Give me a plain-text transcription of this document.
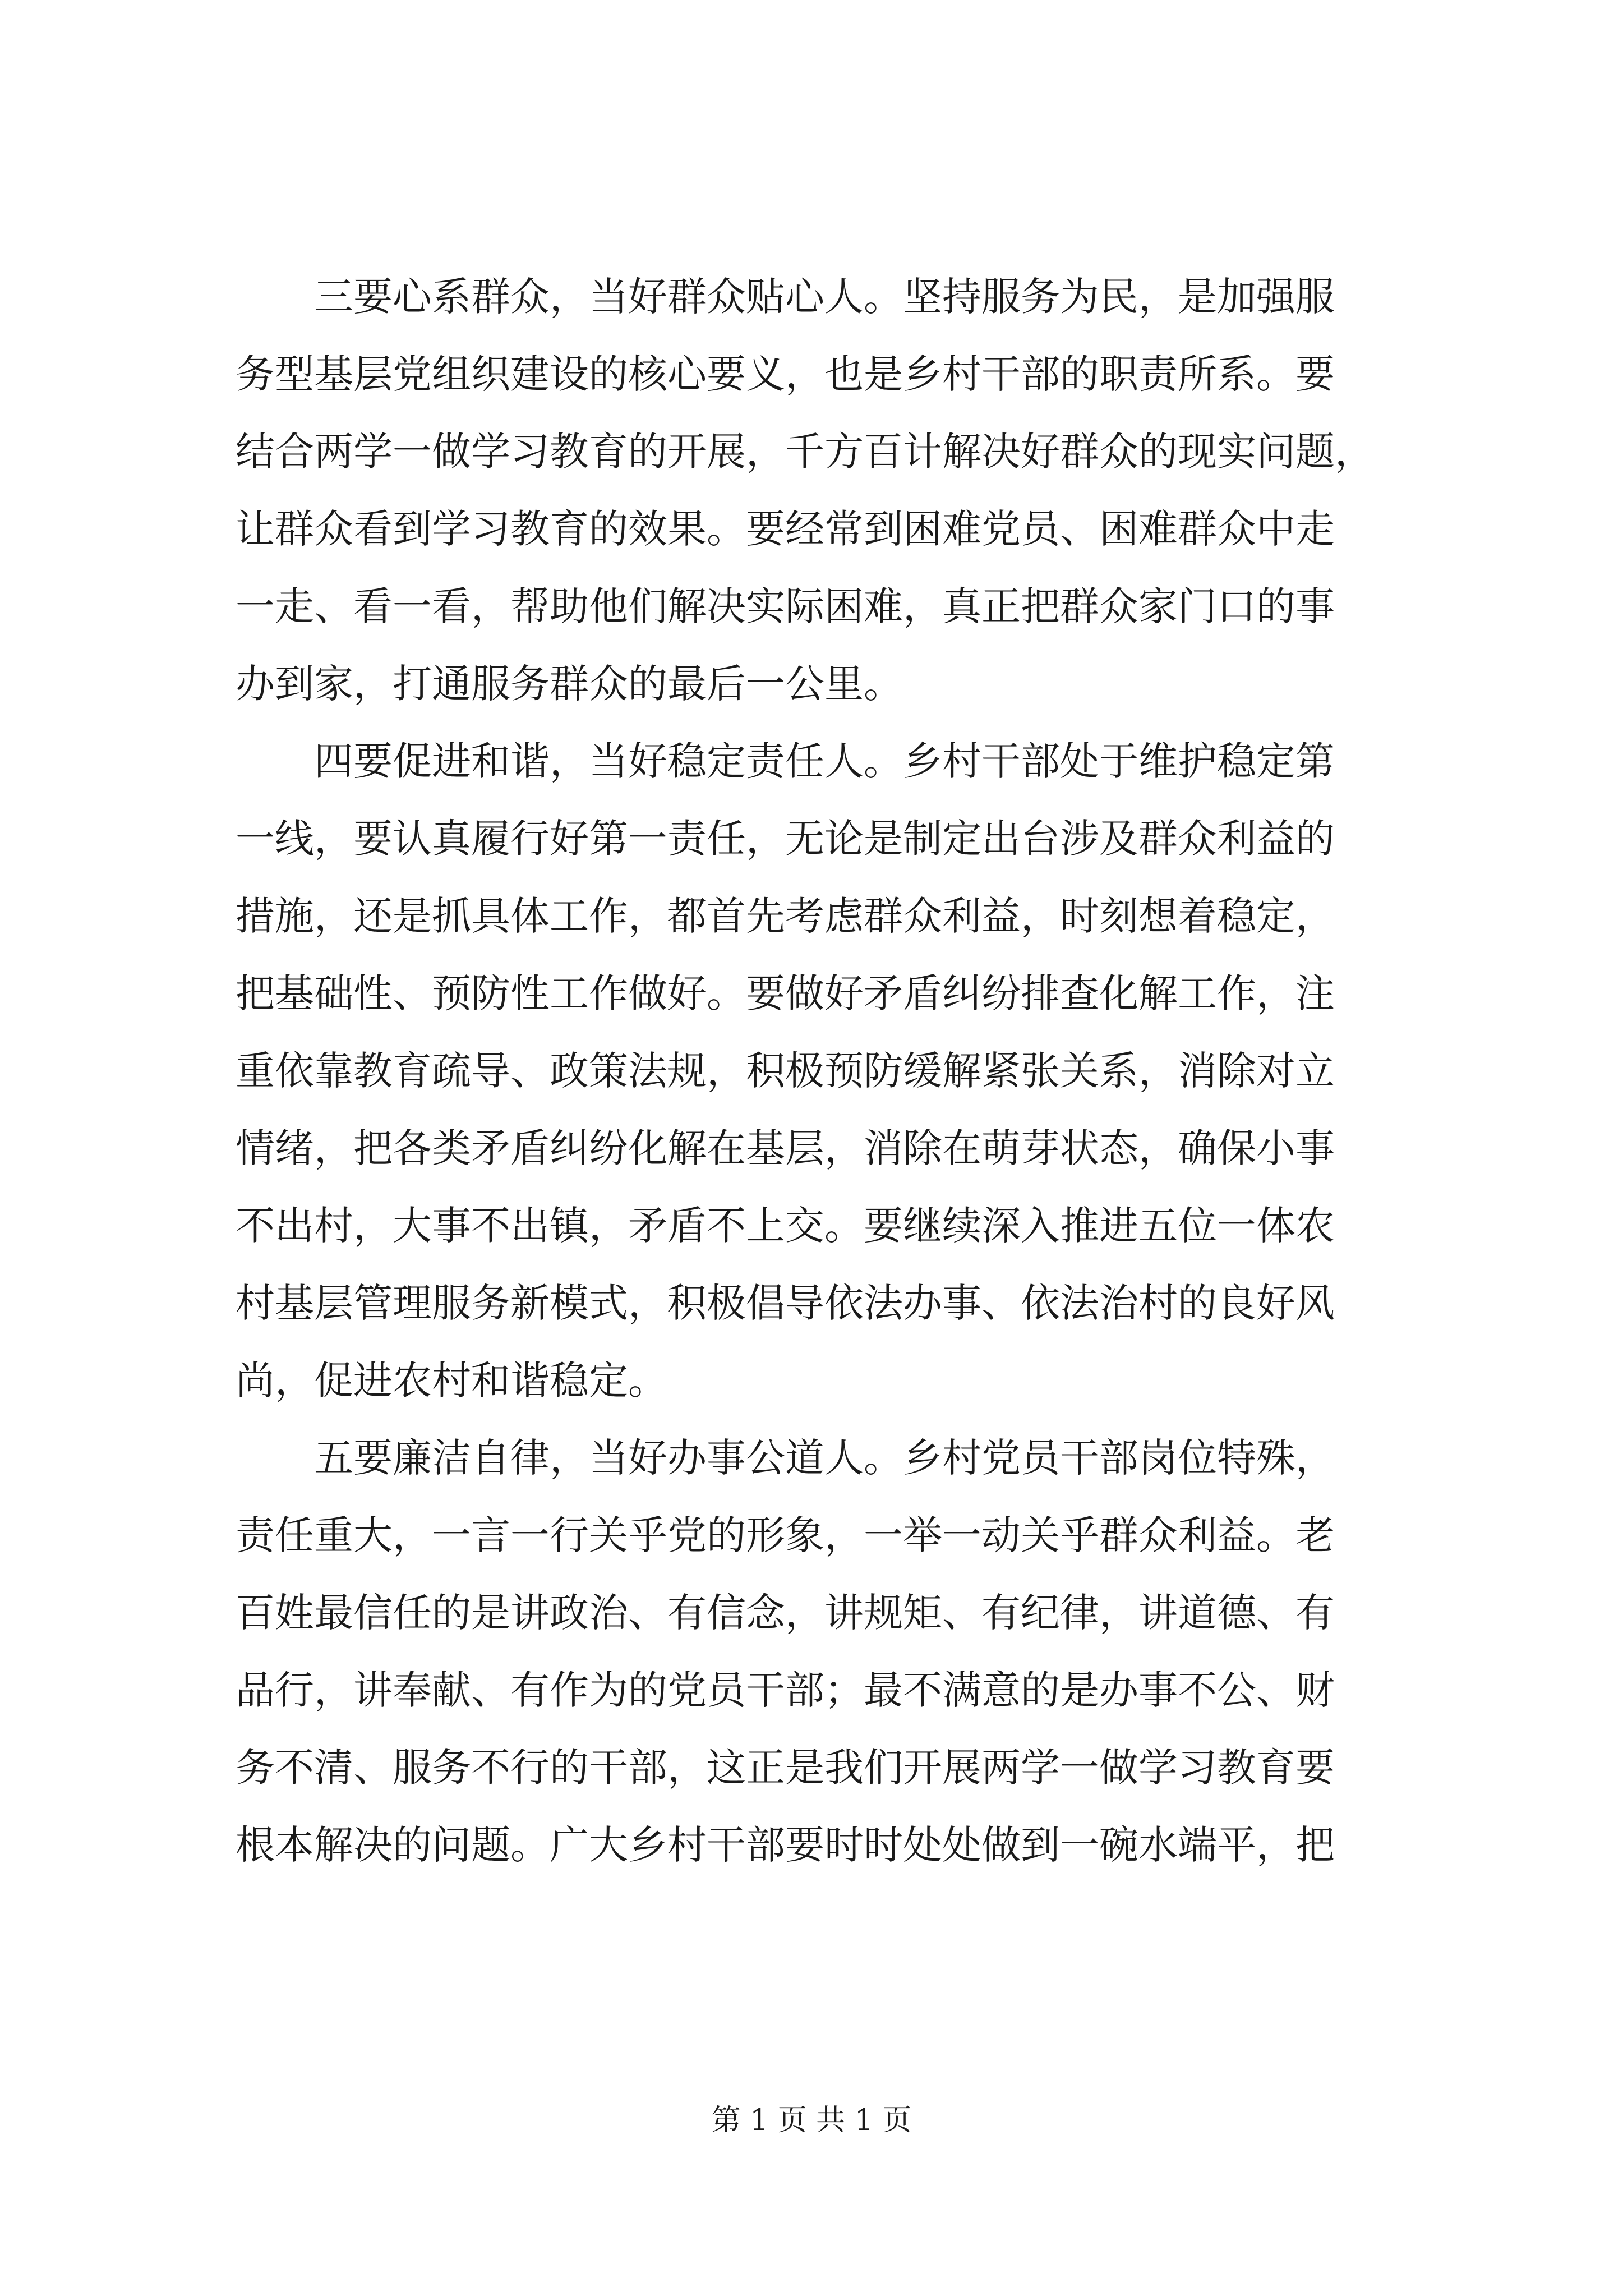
　　三要心系群众，当好群众贴心人。坚持服务为民，是加强服
务型基层党组织建设的核心要义，也是乡村干部的职责所系。要
结合两学一做学习教育的开展，千方百计解决好群众的现实问题，
让群众看到学习教育的效果。要经常到困难党员、困难群众中走
一走、看一看，帮助他们解决实际困难，真正把群众家门口的事
办到家，打通服务群众的最后一公里。
　　四要促进和谐，当好稳定责任人。乡村干部处于维护稳定第
一线，要认真履行好第一责任，无论是制定出台涉及群众利益的
措施，还是抓具体工作，都首先考虑群众利益，时刻想着稳定，
把基础性、预防性工作做好。要做好矛盾纠纷排查化解工作，注
重依靠教育疏导、政策法规，积极预防缓解紧张关系，消除对立
情绪，把各类矛盾纠纷化解在基层，消除在萌芽状态，确保小事
不出村，大事不出镇，矛盾不上交。要继续深入推进五位一体农
村基层管理服务新模式，积极倡导依法办事、依法治村的良好风
尚，促进农村和谐稳定。
　　五要廉洁自律，当好办事公道人。乡村党员干部岗位特殊，
责任重大，一言一行关乎党的形象，一举一动关乎群众利益。老
百姓最信任的是讲政治、有信念，讲规矩、有纪律，讲道德、有
品行，讲奉献、有作为的党员干部；最不满意的是办事不公、财
务不清、服务不行的干部，这正是我们开展两学一做学习教育要
根本解决的问题。广大乡村干部要时时处处做到一碗水端平，把
第 1 页 共 1 页
